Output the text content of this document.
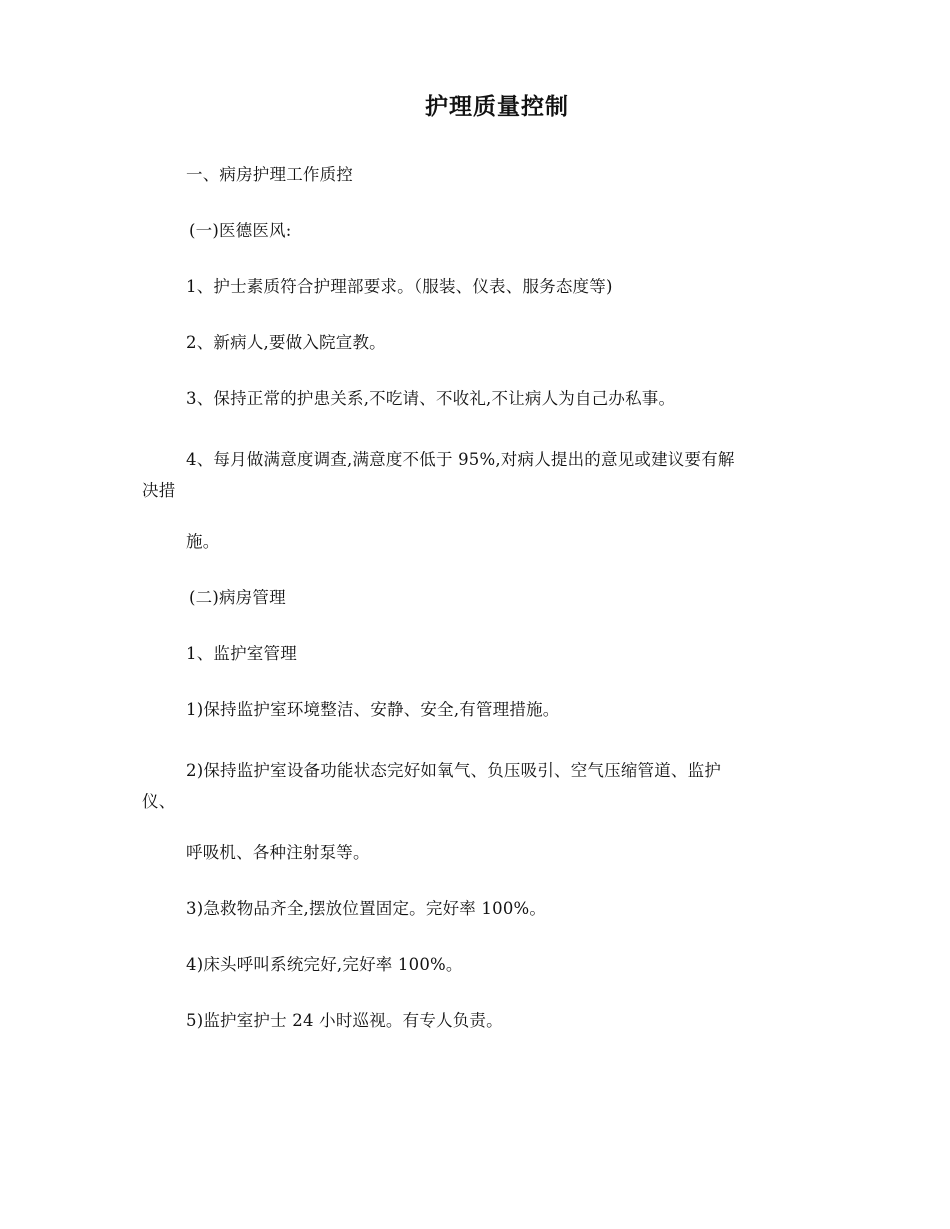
护理质量控制
一、病房护理工作质控
(一)医德医风:
1、护士素质符合护理部要求。（服装、仪表、服务态度等)
2、新病人,要做入院宣教。
3、保持正常的护患关系,不吃请、不收礼,不让病人为自己办私事。
4、每月做满意度调查,满意度不低于 95%,对病人提出的意见或建议要有解
决措
施。
(二)病房管理
1、监护室管理
1)保持监护室环境整洁、安静、安全,有管理措施。
2)保持监护室设备功能状态完好如氧气、负压吸引、空气压缩管道、监护
仪、
呼吸机、各种注射泵等。
3)急救物品齐全,摆放位置固定。完好率 100%。
4)床头呼叫系统完好,完好率 100%。
5)监护室护士 24 小时巡视。有专人负责。
